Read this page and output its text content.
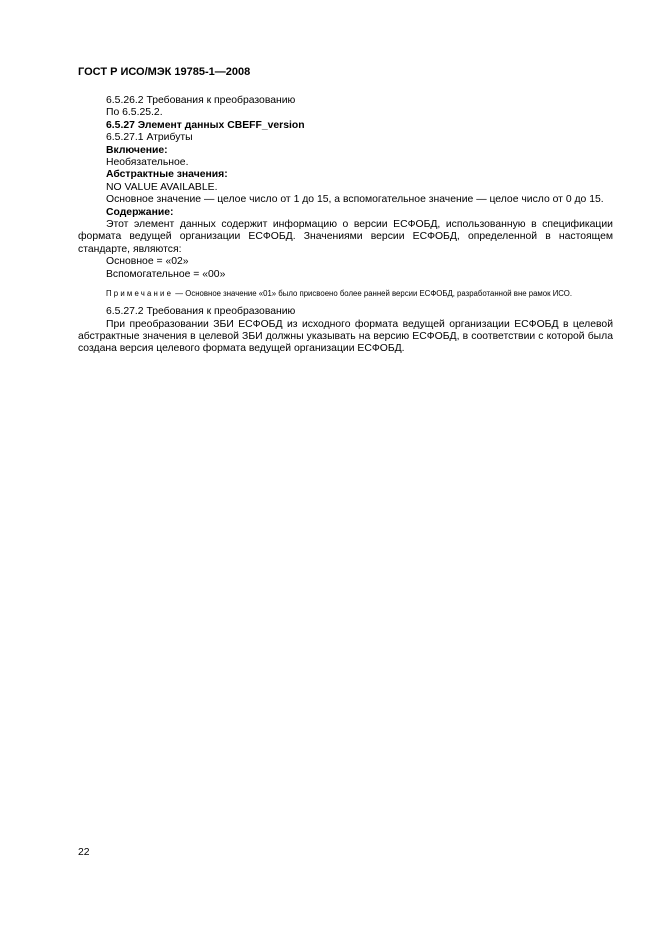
ГОСТ Р ИСО/МЭК 19785-1—2008
6.5.26.2 Требования к преобразованию
По 6.5.25.2.
6.5.27 Элемент данных CBEFF_version
6.5.27.1 Атрибуты
Включение:
Необязательное.
Абстрактные значения:
NO VALUE AVAILABLE.
Основное значение — целое число от 1 до 15, а вспомогательное значение — целое число от 0 до 15.
Содержание:
Этот элемент данных содержит информацию о версии ЕСФОБД, использованную в спецификации формата ведущей организации ЕСФОБД. Значениями версии ЕСФОБД, определенной в настоящем стандарте, являются:
Основное = «02»
Вспомогательное = «00»
Примечание — Основное значение «01» было присвоено более ранней версии ЕСФОБД, разработанной вне рамок ИСО.
6.5.27.2 Требования к преобразованию
При преобразовании ЗБИ ЕСФОБД из исходного формата ведущей организации ЕСФОБД в целевой абстрактные значения в целевой ЗБИ должны указывать на версию ЕСФОБД, в соответствии с которой была создана версия целевого формата ведущей организации ЕСФОБД.
22
